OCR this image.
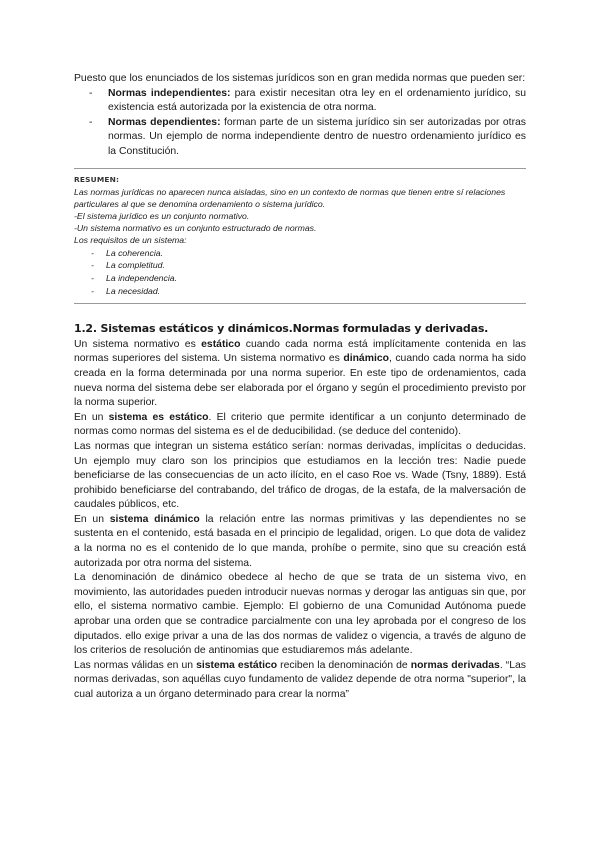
Puesto que los enunciados de los sistemas jurídicos son en gran medida normas que pueden ser:

- Normas independientes: para existir necesitan otra ley en el ordenamiento jurídico, su existencia está autorizada por la existencia de otra norma.
- Normas dependientes: forman parte de un sistema jurídico sin ser autorizadas por otras normas. Un ejemplo de norma independiente dentro de nuestro ordenamiento jurídico es la Constitución.

RESUMEN:

Las normas jurídicas no aparecen nunca aisladas, sino en un contexto de normas que tienen entre sí relaciones particulares al que se denomina ordenamiento o sistema jurídico.

-El sistema jurídico es un conjunto normativo.

-Un sistema normativo es un conjunto estructurado de normas.

Los requisitos de un sistema:

- La coherencia.
- La completitud.
- La independencia.
- La necesidad.

1.2. Sistemas estáticos y dinámicos.Normas formuladas y derivadas.

Un sistema normativo es estático cuando cada norma está implícitamente contenida en las normas superiores del sistema. Un sistema normativo es dinámico, cuando cada norma ha sido creada en la forma determinada por una norma superior. En este tipo de ordenamientos, cada nueva norma del sistema debe ser elaborada por el órgano y según el procedimiento previsto por la norma superior.

En un sistema es estático. El criterio que permite identificar a un conjunto determinado de normas como normas del sistema es el de deducibilidad. (se deduce del contenido).

Las normas que integran un sistema estático serían: normas derivadas, implícitas o deducidas. Un ejemplo muy claro son los principios que estudiamos en la lección tres: Nadie puede beneficiarse de las consecuencias de un acto ilícito, en el caso Roe vs. Wade (Tsny, 1889). Está prohibido beneficiarse del contrabando, del tráfico de drogas, de la estafa, de la malversación de caudales públicos, etc.

En un sistema dinámico la relación entre las normas primitivas y las dependientes no se sustenta en el contenido, está basada en el principio de legalidad, origen. Lo que dota de validez a la norma no es el contenido de lo que manda, prohíbe o permite, sino que su creación está autorizada por otra norma del sistema.

La denominación de dinámico obedece al hecho de que se trata de un sistema vivo, en movimiento, las autoridades pueden introducir nuevas normas y derogar las antiguas sin que, por ello, el sistema normativo cambie. Ejemplo: El gobierno de una Comunidad Autónoma puede aprobar una orden que se contradice parcialmente con una ley aprobada por el congreso de los diputados. ello exige privar a una de las dos normas de validez o vigencia, a través de alguno de los criterios de resolución de antinomias que estudiaremos más adelante.

Las normas válidas en un sistema estático reciben la denominación de normas derivadas. “Las normas derivadas, son aquéllas cuyo fundamento de validez depende de otra norma "superior", la cual autoriza a un órgano determinado para crear la norma”
